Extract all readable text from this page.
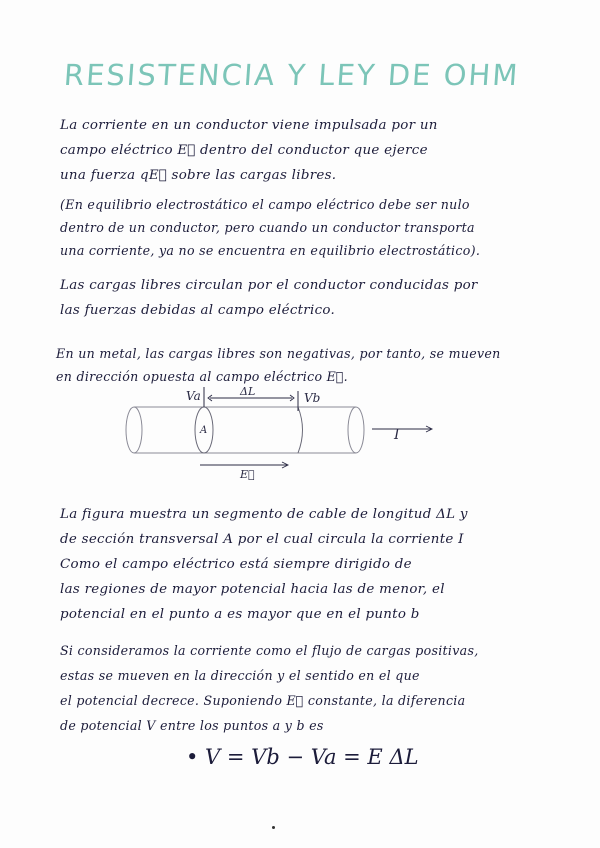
RESISTENCIA Y LEY DE OHM
La corriente en un conductor viene impulsada por un
campo eléctrico E⃗ dentro del conductor que ejerce
una fuerza qE⃗ sobre las cargas libres.
(En equilibrio electrostático el campo eléctrico debe ser nulo
dentro de un conductor, pero cuando un conductor transporta
una corriente, ya no se encuentra en equilibrio electrostático).
Las cargas libres circulan por el conductor conducidas por
las fuerzas debidas al campo eléctrico.
En un metal, las cargas libres son negativas, por tanto, se mueven
en dirección opuesta al campo eléctrico E⃗.
Va	Vb
ΔL
A	I
E⃗
La figura muestra un segmento de cable de longitud ΔL y
de sección transversal A por el cual circula la corriente I
Como el campo eléctrico está siempre dirigido de
las regiones de mayor potencial hacia las de menor, el
potencial en el punto a es mayor que en el punto b
Si consideramos la corriente como el flujo de cargas positivas,
estas se mueven en la dirección y el sentido en el que
el potencial decrece. Suponiendo E⃗ constante, la diferencia
de potencial V entre los puntos a y b es
• V = Vb − Va = E ΔL
